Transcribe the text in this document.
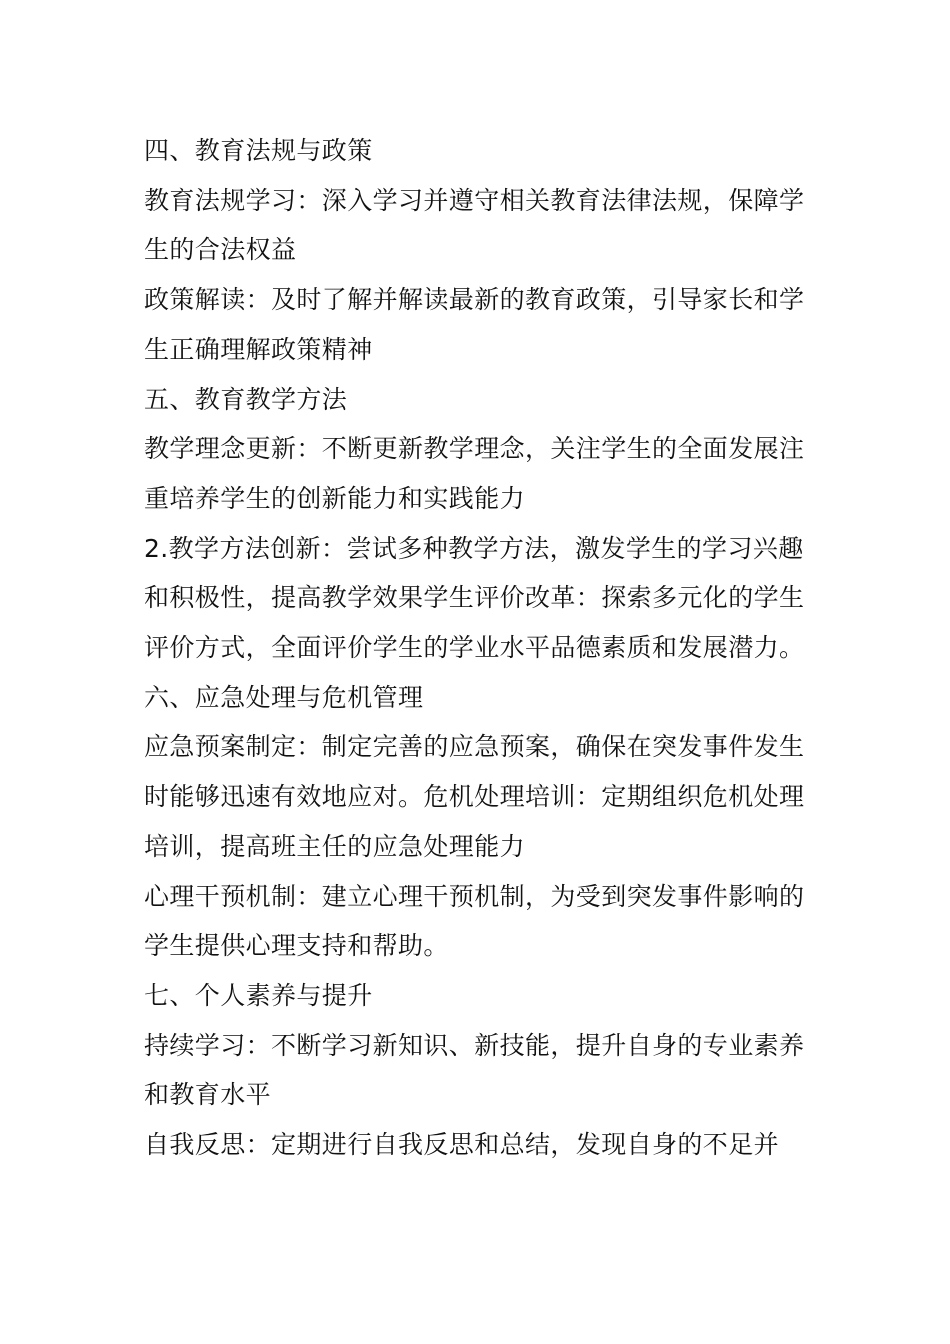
四、教育法规与政策

教育法规学习：深入学习并遵守相关教育法律法规，保障学生的合法权益

政策解读：及时了解并解读最新的教育政策，引导家长和学生正确理解政策精神

五、教育教学方法

教学理念更新：不断更新教学理念，关注学生的全面发展注重培养学生的创新能力和实践能力

2.教学方法创新：尝试多种教学方法，激发学生的学习兴趣和积极性，提高教学效果学生评价改革：探索多元化的学生评价方式，全面评价学生的学业水平品德素质和发展潜力。

六、应急处理与危机管理

应急预案制定：制定完善的应急预案，确保在突发事件发生时能够迅速有效地应对。危机处理培训：定期组织危机处理培训，提高班主任的应急处理能力

心理干预机制：建立心理干预机制，为受到突发事件影响的学生提供心理支持和帮助。

七、个人素养与提升

持续学习：不断学习新知识、新技能，提升自身的专业素养和教育水平

自我反思：定期进行自我反思和总结，发现自身的不足并
